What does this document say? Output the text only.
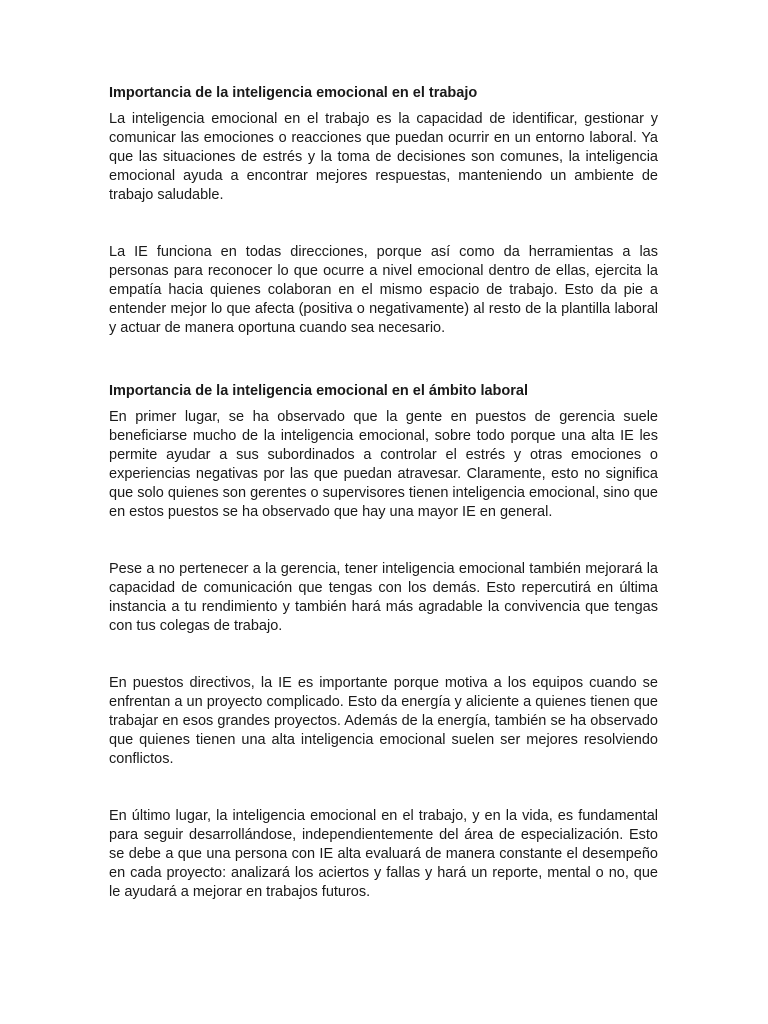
Importancia de la inteligencia emocional en el trabajo

La inteligencia emocional en el trabajo es la capacidad de identificar, gestionar y comunicar las emociones o reacciones que puedan ocurrir en un entorno laboral. Ya que las situaciones de estrés y la toma de decisiones son comunes, la inteligencia emocional ayuda a encontrar mejores respuestas, manteniendo un ambiente de trabajo saludable.

La IE funciona en todas direcciones, porque así como da herramientas a las personas para reconocer lo que ocurre a nivel emocional dentro de ellas, ejercita la empatía hacia quienes colaboran en el mismo espacio de trabajo. Esto da pie a entender mejor lo que afecta (positiva o negativamente) al resto de la plantilla laboral y actuar de manera oportuna cuando sea necesario.

Importancia de la inteligencia emocional en el ámbito laboral

En primer lugar, se ha observado que la gente en puestos de gerencia suele beneficiarse mucho de la inteligencia emocional, sobre todo porque una alta IE les permite ayudar a sus subordinados a controlar el estrés y otras emociones o experiencias negativas por las que puedan atravesar. Claramente, esto no significa que solo quienes son gerentes o supervisores tienen inteligencia emocional, sino que en estos puestos se ha observado que hay una mayor IE en general.

Pese a no pertenecer a la gerencia, tener inteligencia emocional también mejorará la capacidad de comunicación que tengas con los demás. Esto repercutirá en última instancia a tu rendimiento y también hará más agradable la convivencia que tengas con tus colegas de trabajo.

En puestos directivos, la IE es importante porque motiva a los equipos cuando se enfrentan a un proyecto complicado. Esto da energía y aliciente a quienes tienen que trabajar en esos grandes proyectos. Además de la energía, también se ha observado que quienes tienen una alta inteligencia emocional suelen ser mejores resolviendo conflictos.

En último lugar, la inteligencia emocional en el trabajo, y en la vida, es fundamental para seguir desarrollándose, independientemente del área de especialización. Esto se debe a que una persona con IE alta evaluará de manera constante el desempeño en cada proyecto: analizará los aciertos y fallas y hará un reporte, mental o no, que le ayudará a mejorar en trabajos futuros.
